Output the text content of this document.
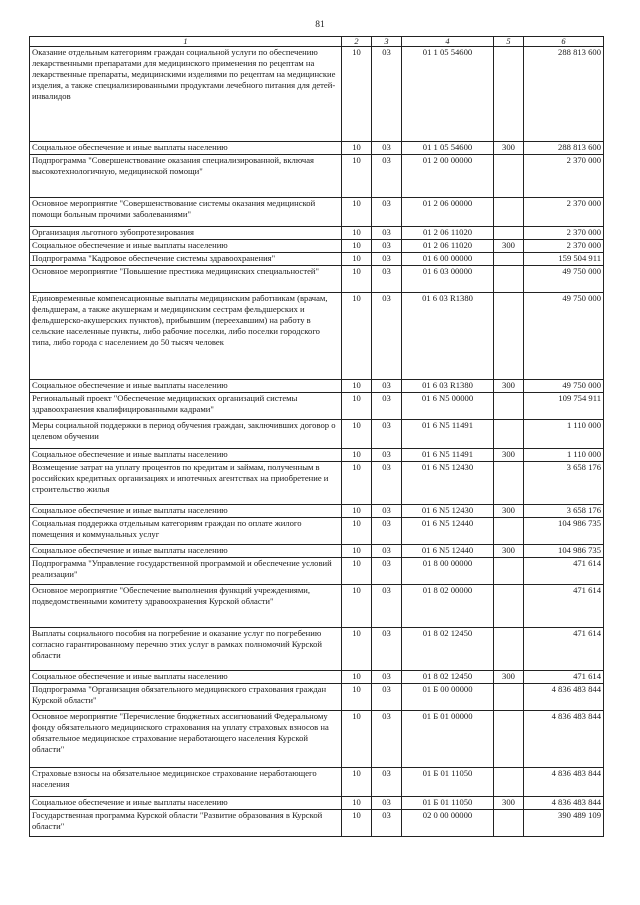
81
1	2	3	4	5	6
Оказание отдельным категориям граждан социальной услуги по обеспечению лекарственными препаратами для медицинского применения по рецептам на лекарственные препараты, медицинскими изделиями по рецептам на медицинские изделия, а также специализированными продуктами лечебного питания для детей-инвалидов	10	03	01 1 05 54600		288 813 600
Социальное обеспечение и иные выплаты населению	10	03	01 1 05 54600	300	288 813 600
Подпрограмма "Совершенствование оказания специализированной, включая высокотехнологичную, медицинской помощи"	10	03	01 2 00 00000		2 370 000
Основное мероприятие "Совершенствование системы оказания медицинской помощи больным прочими заболеваниями"	10	03	01 2 06 00000		2 370 000
Организация льготного зубопротезирования	10	03	01 2 06 11020		2 370 000
Социальное обеспечение и иные выплаты населению	10	03	01 2 06 11020	300	2 370 000
Подпрограмма "Кадровое обеспечение системы здравоохранения"	10	03	01 6 00 00000		159 504 911
Основное мероприятие "Повышение престижа медицинских специальностей"	10	03	01 6 03 00000		49 750 000
Единовременные компенсационные выплаты медицинским работникам (врачам, фельдшерам, а также акушеркам и медицинским сестрам фельдшерских и фельдшерско-акушерских пунктов), прибывшим (переехавшим) на работу в сельские населенные пункты, либо рабочие поселки, либо поселки городского типа, либо города с населением до 50 тысяч человек	10	03	01 6 03 R1380		49 750 000
Социальное обеспечение и иные выплаты населению	10	03	01 6 03 R1380	300	49 750 000
Региональный проект "Обеспечение медицинских организаций системы здравоохранения квалифицированными кадрами"	10	03	01 6 N5 00000		109 754 911
Меры социальной поддержки в период обучения граждан, заключивших договор о целевом обучении	10	03	01 6 N5 11491		1 110 000
Социальное обеспечение и иные выплаты населению	10	03	01 6 N5 11491	300	1 110 000
Возмещение затрат на уплату процентов по кредитам и займам, полученным в российских кредитных организациях и ипотечных агентствах на приобретение и строительство жилья	10	03	01 6 N5 12430		3 658 176
Социальное обеспечение и иные выплаты населению	10	03	01 6 N5 12430	300	3 658 176
Социальная поддержка отдельным категориям граждан по оплате жилого помещения и коммунальных услуг	10	03	01 6 N5 12440		104 986 735
Социальное обеспечение и иные выплаты населению	10	03	01 6 N5 12440	300	104 986 735
Подпрограмма "Управление государственной программой и обеспечение условий реализации"	10	03	01 8 00 00000		471 614
Основное мероприятие "Обеспечение выполнения функций учреждениями, подведомственными комитету здравоохранения Курской области"	10	03	01 8 02 00000		471 614
Выплаты социального пособия на погребение и оказание услуг по погребению согласно гарантированному перечню этих услуг в рамках полномочий Курской области	10	03	01 8 02 12450		471 614
Социальное обеспечение и иные выплаты населению	10	03	01 8 02 12450	300	471 614
Подпрограмма "Организация обязательного медицинского страхования граждан Курской области"	10	03	01 Б 00 00000		4 836 483 844
Основное мероприятие "Перечисление бюджетных ассигнований Федеральному фонду обязательного медицинского страхования на уплату страховых взносов на обязательное медицинское страхование неработающего населения Курской области"	10	03	01 Б 01 00000		4 836 483 844
Страховые взносы на обязательное медицинское страхование неработающего населения	10	03	01 Б 01 11050		4 836 483 844
Социальное обеспечение и иные выплаты населению	10	03	01 Б 01 11050	300	4 836 483 844
Государственная программа Курской области "Развитие образования в Курской области"	10	03	02 0 00 00000		390 489 109
